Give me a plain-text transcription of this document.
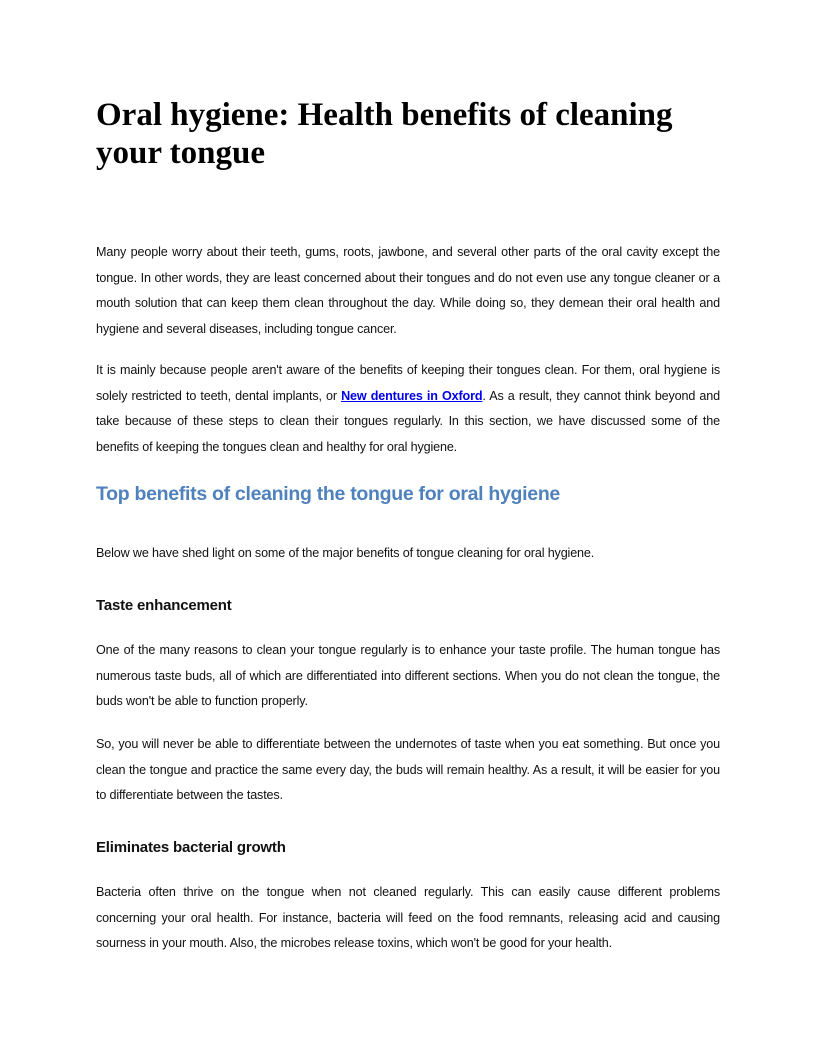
Oral hygiene: Health benefits of cleaning
your tongue

Many people worry about their teeth, gums, roots, jawbone, and several other parts of the oral cavity except the tongue. In other words, they are least concerned about their tongues and do not even use any tongue cleaner or a mouth solution that can keep them clean throughout the day. While doing so, they demean their oral health and hygiene and several diseases, including tongue cancer.

It is mainly because people aren't aware of the benefits of keeping their tongues clean. For them, oral hygiene is solely restricted to teeth, dental implants, or New dentures in Oxford. As a result, they cannot think beyond and take because of these steps to clean their tongues regularly. In this section, we have discussed some of the benefits of keeping the tongues clean and healthy for oral hygiene.

Top benefits of cleaning the tongue for oral hygiene

Below we have shed light on some of the major benefits of tongue cleaning for oral hygiene.

Taste enhancement

One of the many reasons to clean your tongue regularly is to enhance your taste profile. The human tongue has numerous taste buds, all of which are differentiated into different sections. When you do not clean the tongue, the buds won't be able to function properly.

So, you will never be able to differentiate between the undernotes of taste when you eat something. But once you clean the tongue and practice the same every day, the buds will remain healthy. As a result, it will be easier for you to differentiate between the tastes.

Eliminates bacterial growth

Bacteria often thrive on the tongue when not cleaned regularly. This can easily cause different problems concerning your oral health. For instance, bacteria will feed on the food remnants, releasing acid and causing sourness in your mouth. Also, the microbes release toxins, which won't be good for your health.
